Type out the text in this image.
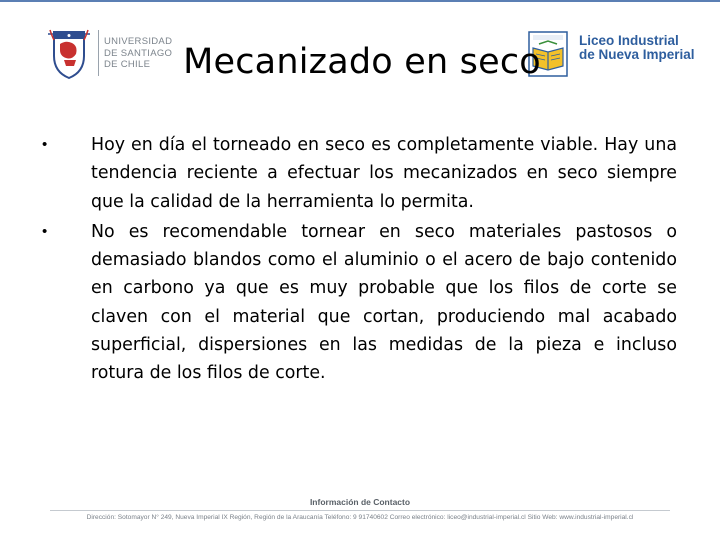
UNIVERSIDAD
DE SANTIAGO
DE CHILE
Liceo Industrial
de Nueva Imperial
Mecanizado en seco
•	Hoy en día el torneado en seco es completamente viable. Hay una tendencia reciente a efectuar los mecanizados en seco siempre que la calidad de la herramienta lo permita.
•	No es recomendable tornear en seco materiales pastosos o demasiado blandos como el aluminio o el acero de bajo contenido en carbono ya que es muy probable que los filos de corte se claven con el material que cortan, produciendo mal acabado superficial, dispersiones en las medidas de la pieza e incluso rotura de los filos de corte.
Información de Contacto
Dirección: Sotomayor N° 249, Nueva Imperial IX Región, Región de la Araucanía Teléfono: 9 91740602 Correo electrónico: liceo@industrial-imperial.cl Sitio Web: www.industrial-imperial.cl
